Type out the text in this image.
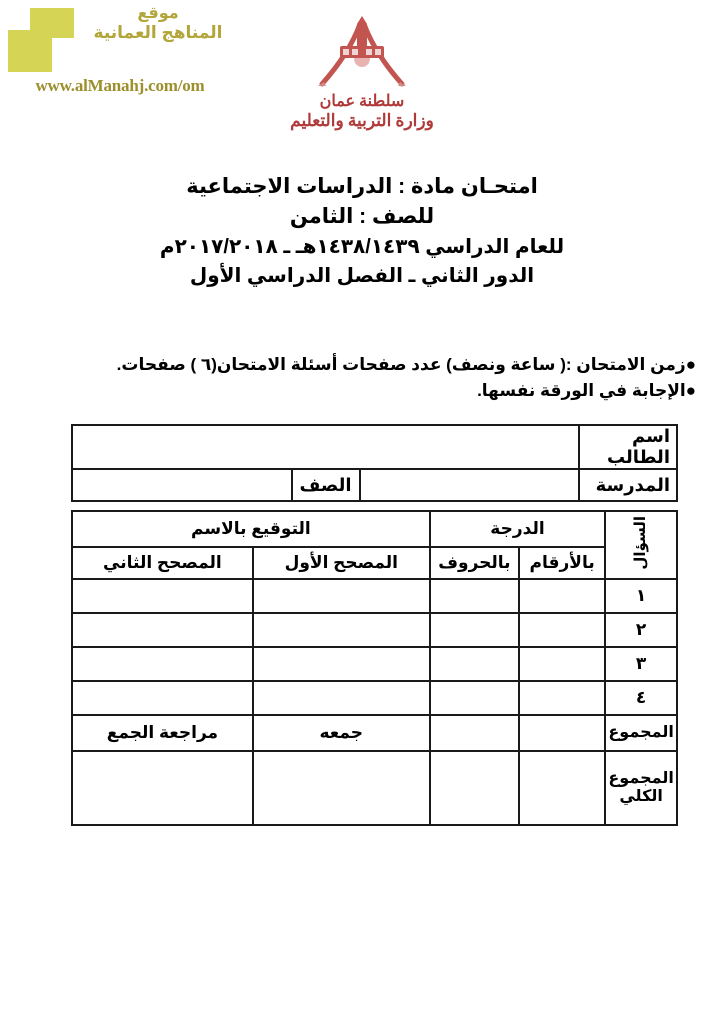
موقع
المناهج العمانية
www.alManahj.com/om
سلطنة عمان
وزارة التربية والتعليم
امتحـان مادة : الدراسات الاجتماعية
للصف : الثامن
للعام الدراسي ١٤٣٨/١٤٣٩هـ ـ ٢٠١٧/٢٠١٨م
الدور الثاني ـ الفصل الدراسي الأول
●زمن الامتحان :( ساعة ونصف) عدد صفحات أسئلة الامتحان(٦ ) صفحات.
●الإجابة في الورقة نفسها.
اسم الطالب			
المدرسة		الصف	
السؤال	الدرجة		التوقيع بالاسم	
	بالأرقام	بالحروف	المصحح الأول	المصحح الثاني
١				
٢				
٣				
٤				
المجموع			جمعه	مراجعة الجمع
المجموع الكلي				
